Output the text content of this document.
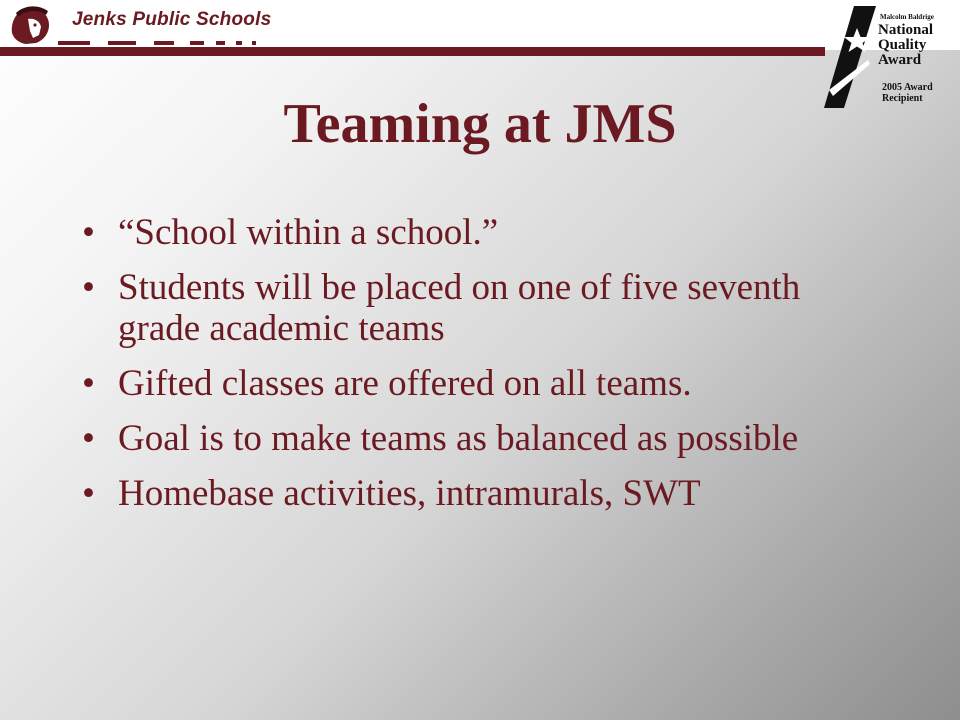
Jenks Public Schools	Malcolm Baldrige
National
Quality
Award
2005 Award
Recipient
Teaming at JMS
• “School within a school.”
• Students will be placed on one of five seventh grade academic teams
• Gifted classes are offered on all teams.
• Goal is to make teams as balanced as possible
• Homebase activities, intramurals, SWT
